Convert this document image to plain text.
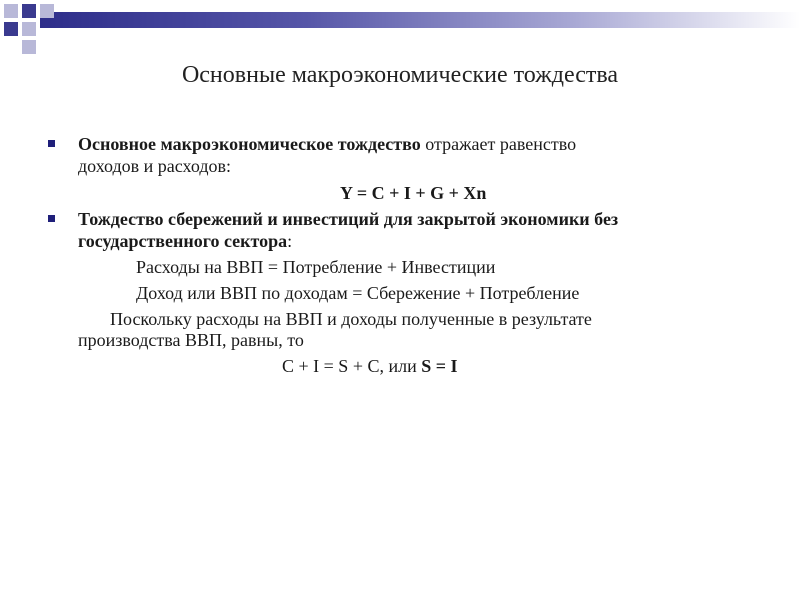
Основные макроэкономические тождества
Основное макроэкономическое тождество отражает равенство
доходов и расходов:
Y = C + I + G + Xn
Тождество сбережений и инвестиций для закрытой экономики без
государственного сектора:
Расходы на ВВП = Потребление + Инвестиции
Доход или ВВП по доходам = Сбережение + Потребление
Поскольку расходы на ВВП и доходы полученные в результате
производства ВВП, равны, то
C + I = S + C, или S = I
